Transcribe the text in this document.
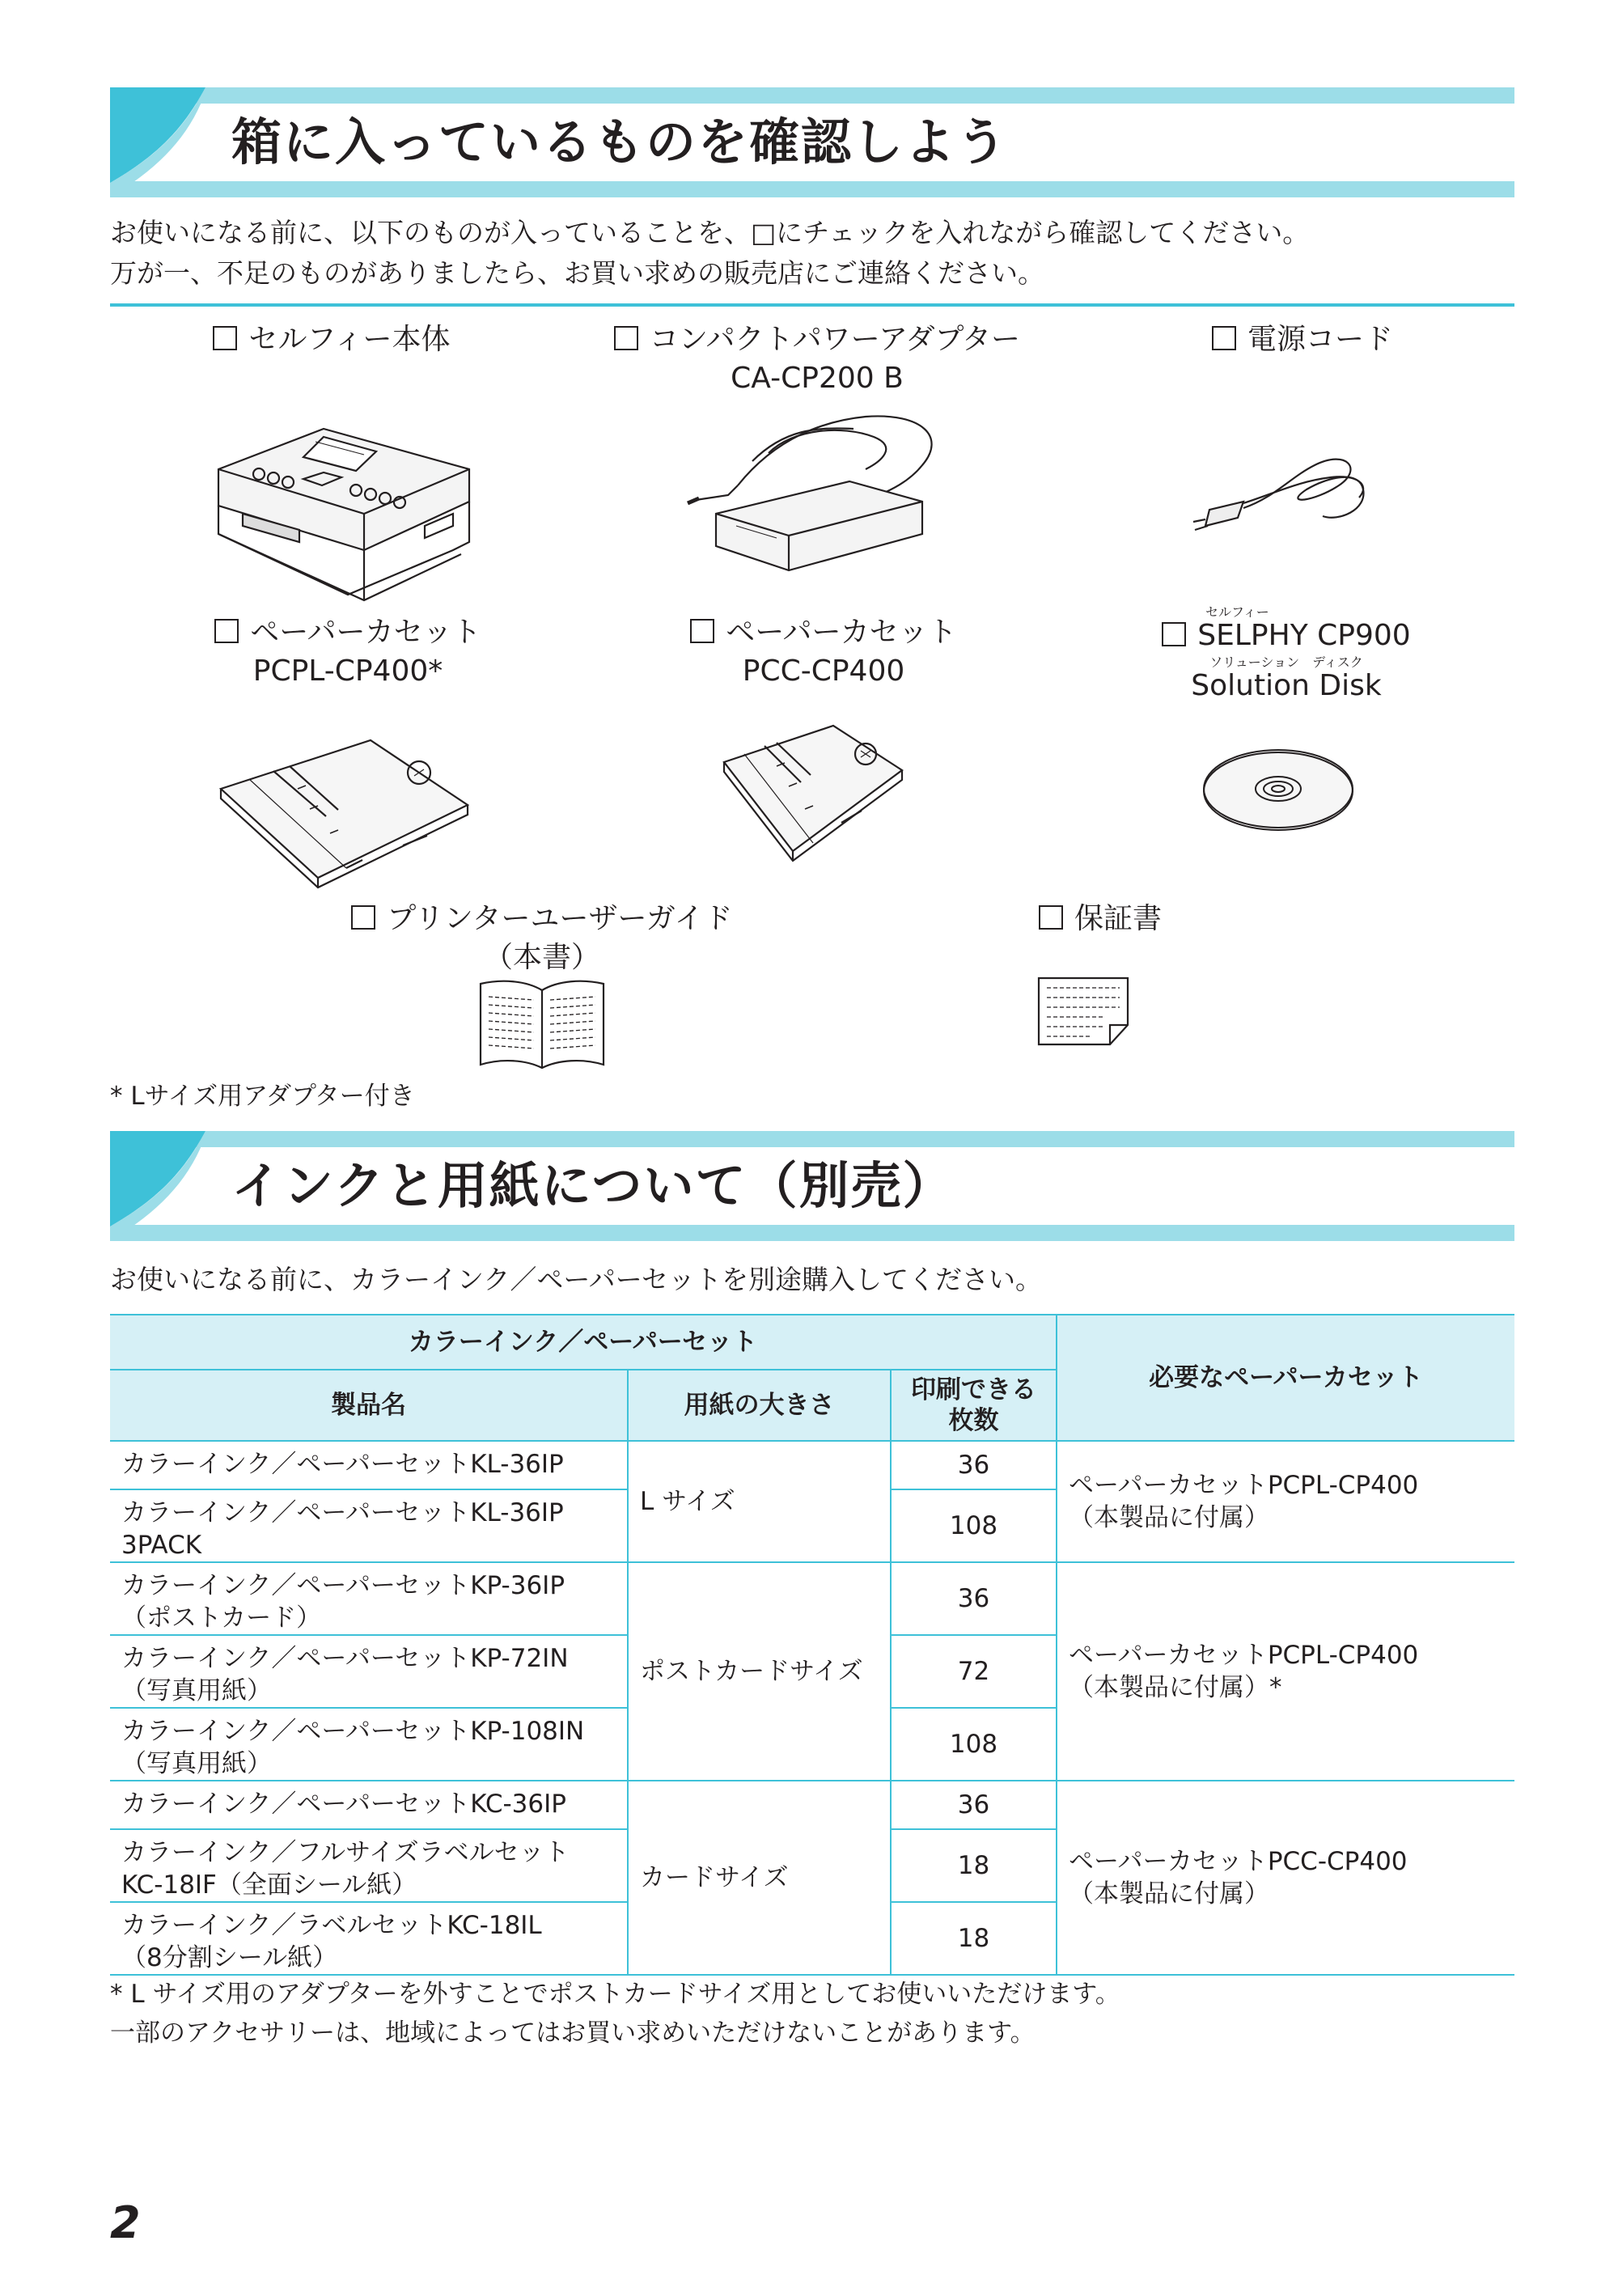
箱に入っているものを確認しよう
お使いになる前に、以下のものが入っていることを、□にチェックを入れながら確認してください。
万が一、不足のものがありましたら、お買い求めの販売店にご連絡ください。
セルフィー本体	コンパクトパワーアダプター
CA-CP200 B
電源コード
ペーパーカセット
PCPL-CP400*
ペーパーカセット
PCC-CP400
セルフィー
SELPHY CP900
ソリューション　ディスク
Solution Disk
プリンターユーザーガイド
（本書）
保証書
* Lサイズ用アダプター付き
インクと用紙について（別売）
お使いになる前に、カラーインク／ペーパーセットを別途購入してください。
カラーインク／ペーパーセット			必要なペーパーカセット
製品名	用紙の大きさ	印刷できる枚数	
カラーインク／ペーパーセットKL-36IP	L サイズ	36	ペーパーカセットPCPL-CP400
（本製品に付属）

カラーインク／ペーパーセットKL-36IP
3PACK		108	

カラーインク／ペーパーセットKP-36IP
（ポストカード）	ポストカードサイズ	36	ペーパーカセットPCPL-CP400
（本製品に付属）*

カラーインク／ペーパーセットKP-72IN
（写真用紙）		72	

カラーインク／ペーパーセットKP-108IN
（写真用紙）		108	
カラーインク／ペーパーセットKC-36IP	カードサイズ	36	ペーパーカセットPCC-CP400
（本製品に付属）

カラーインク／フルサイズラベルセット
KC-18IF（全面シール紙）		18	

カラーインク／ラベルセットKC-18IL
（8分割シール紙）		18	
* L サイズ用のアダプターを外すことでポストカードサイズ用としてお使いいただけます。
一部のアクセサリーは、地域によってはお買い求めいただけないことがあります。
2
